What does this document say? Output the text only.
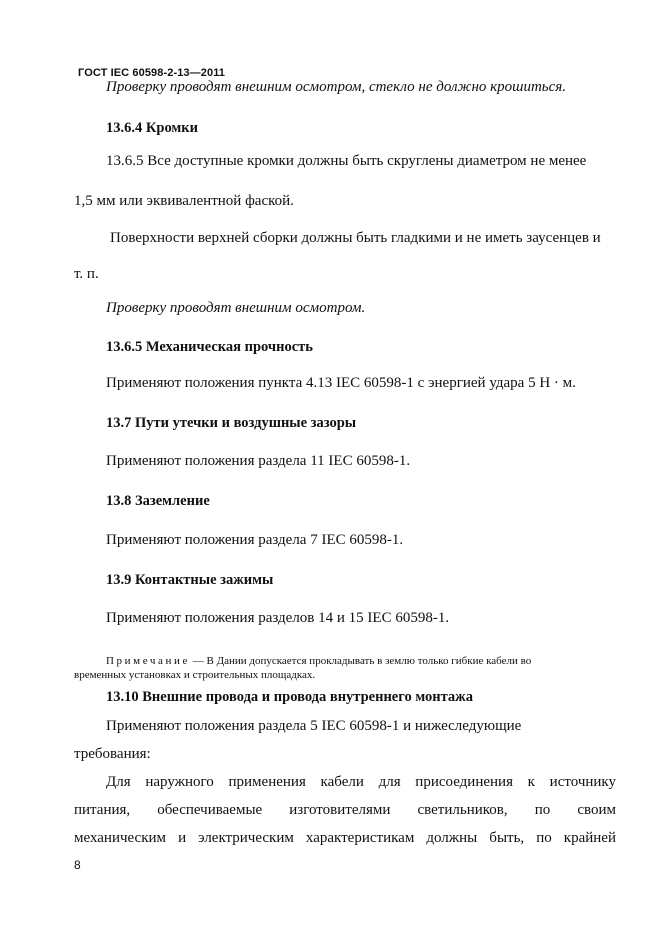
ГОСТ IEC 60598-2-13—2011
Проверку проводят внешним осмотром, стекло не должно крошиться.
13.6.4 Кромки
13.6.5 Все доступные кромки должны быть скруглены диаметром не менее
1,5 мм или эквивалентной фаской.
Поверхности верхней сборки должны быть гладкими и не иметь заусенцев и
т. п.
Проверку проводят внешним осмотром.
13.6.5 Механическая прочность
Применяют положения пункта 4.13 IEC 60598-1 с энергией удара 5 Н · м.
13.7 Пути утечки и воздушные зазоры
Применяют положения раздела 11 IEC 60598-1.
13.8 Заземление
Применяют положения раздела 7 IEC 60598-1.
13.9 Контактные зажимы
Применяют положения разделов 14 и 15 IEC 60598-1.
Примечание — В Дании допускается прокладывать в землю только гибкие кабели во
временных установках и строительных площадках.
13.10 Внешние провода и провода внутреннего монтажа
Применяют положения раздела 5 IEC 60598-1 и нижеследующие
требования:
Для наружного применения кабели для присоединения к источнику
питания, обеспечиваемые изготовителями светильников, по своим
механическим и электрическим характеристикам должны быть, по крайней
8
